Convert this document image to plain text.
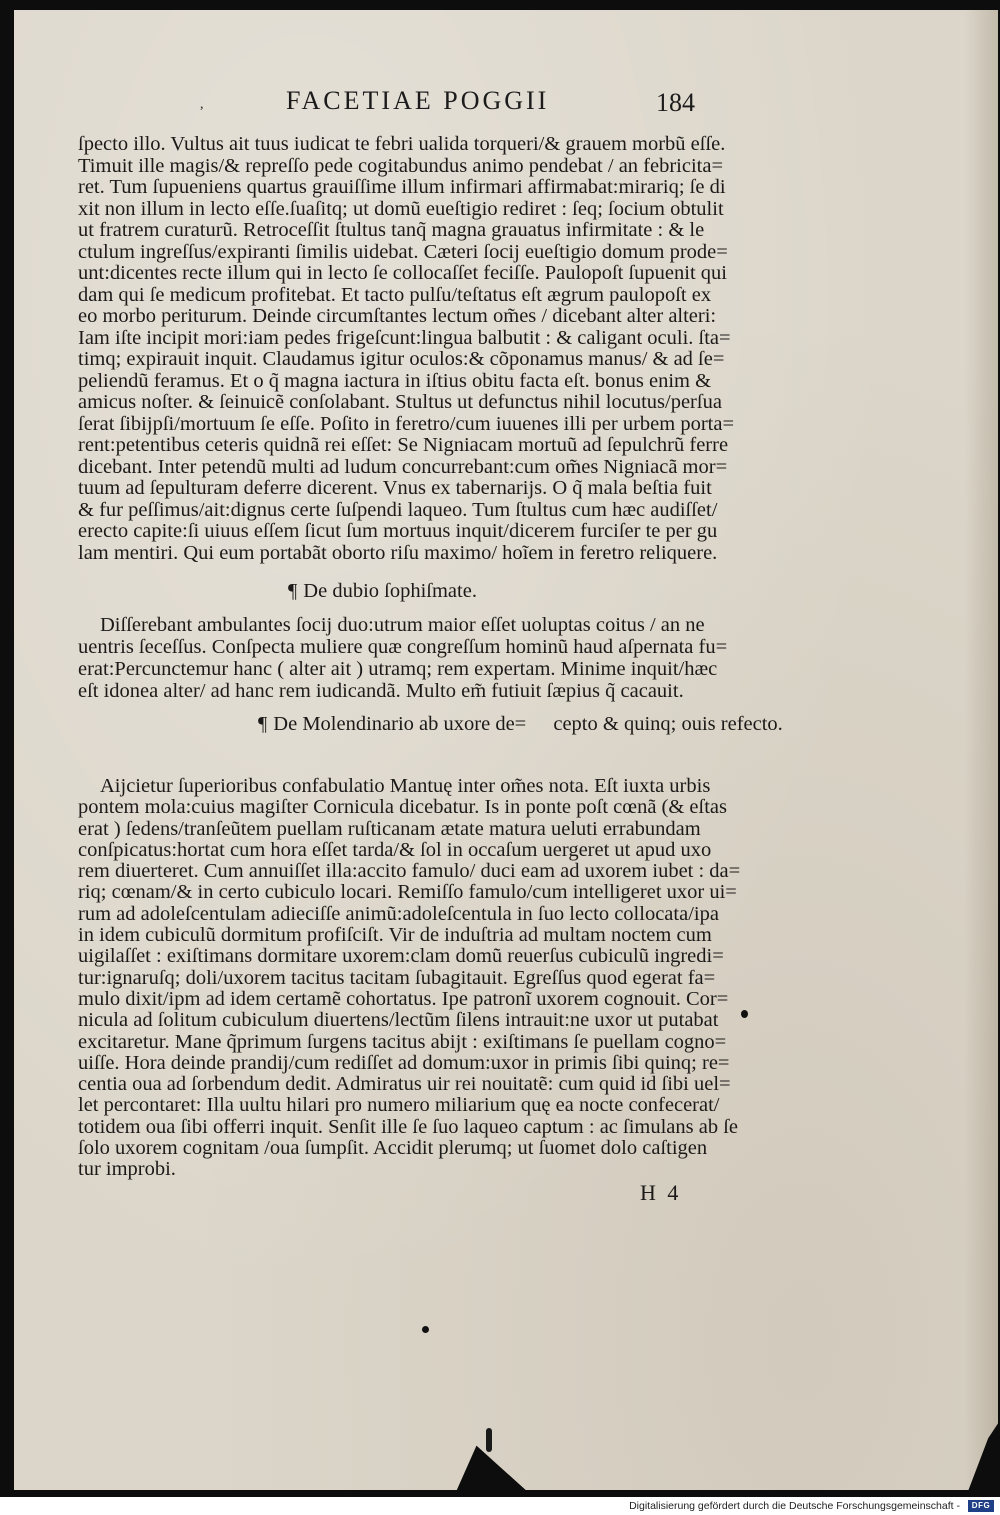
,	FACETIAE POGGII	184
ſpecto illo. Vultus ait tuus iudicat te febri ualida torqueri/& grauem morbũ eſſe.
Timuit ille magis/& repreſſo pede cogitabundus animo pendebat / an febricita=
ret. Tum ſupueniens quartus grauiſſime illum infirmari affirmabat:mirariq; ſe di
xit non illum in lecto eſſe.ſuaſitq; ut domũ eueſtigio rediret : ſeq; ſocium obtulit
ut fratrem curaturũ. Retroceſſit ſtultus tanq̃ magna grauatus infirmitate : & le
ctulum ingreſſus/expiranti ſimilis uidebat. Cæteri ſocij eueſtigio domum prode=
unt:dicentes recte illum qui in lecto ſe collocaſſet feciſſe. Paulopoſt ſupuenit qui
dam qui ſe medicum profitebat. Et tacto pulſu/teſtatus eſt ægrum paulopoſt ex
eo morbo periturum. Deinde circumſtantes lectum om̃es / dicebant alter alteri:
Iam iſte incipit mori:iam pedes frigeſcunt:lingua balbutit : & caligant oculi. ſta=
timq; expirauit inquit. Claudamus igitur oculos:& cõponamus manus/ & ad ſe=
peliendũ feramus. Et o q̃ magna iactura in iſtius obitu facta eſt. bonus enim &
amicus noſter. & ſeinuicẽ conſolabant. Stultus ut defunctus nihil locutus/perſua
ſerat ſibijpſi/mortuum ſe eſſe. Poſito in feretro/cum iuuenes illi per urbem porta=
rent:petentibus ceteris quidnã rei eſſet: Se Nigniacam mortuũ ad ſepulchrũ ferre
dicebant. Inter petendũ multi ad ludum concurrebant:cum om̃es Nigniacã mor=
tuum ad ſepulturam deferre dicerent. Vnus ex tabernarijs. O q̃ mala beſtia fuit
& fur peſſimus/ait:dignus certe ſuſpendi laqueo. Tum ſtultus cum hæc audiſſet/
erecto capite:ſi uiuus eſſem ſicut ſum mortuus inquit/dicerem furciſer te per gu
lam mentiri. Qui eum portabãt oborto riſu maximo/ hoĩem in feretro reliquere.
¶ De dubio ſophiſmate.
Diſſerebant ambulantes ſocij duo:utrum maior eſſet uoluptas coitus / an ne
uentris ſeceſſus. Conſpecta muliere quæ congreſſum hominũ haud aſpernata fu=
erat:Percunctemur hanc ( alter ait ) utramq; rem expertam. Minime inquit/hæc
eſt idonea alter/ ad hanc rem iudicandã. Multo em̃ futiuit ſæpius q̃ cacauit.
¶ De Molendinario ab uxore de= cepto & quinq; ouis refecto.
Aijcietur ſuperioribus confabulatio Mantuę inter om̃es nota. Eſt iuxta urbis
pontem mola:cuius magiſter Cornicula dicebatur. Is in ponte poſt cœnã (& eſtas
erat ) ſedens/tranſeũtem puellam ruſticanam ætate matura ueluti errabundam
conſpicatus:hortat cum hora eſſet tarda/& ſol in occaſum uergeret ut apud uxo
rem diuerteret. Cum annuiſſet illa:accito famulo/ duci eam ad uxorem iubet : da=
riq; cœnam/& in certo cubiculo locari. Remiſſo famulo/cum intelligeret uxor ui=
rum ad adoleſcentulam adieciſſe animũ:adoleſcentula in ſuo lecto collocata/ipa
in idem cubiculũ dormitum profiſciſt. Vir de induſtria ad multam noctem cum
uigilaſſet : exiſtimans dormitare uxorem:clam domũ reuerſus cubiculũ ingredi=
tur:ignaruſq; doli/uxorem tacitus tacitam ſubagitauit. Egreſſus quod egerat fa=
mulo dixit/ipm ad idem certamẽ cohortatus. Ipe patronĩ uxorem cognouit. Cor=
nicula ad ſolitum cubiculum diuertens/lectũm ſilens intrauit:ne uxor ut putabat
excitaretur. Mane q̃primum ſurgens tacitus abijt : exiſtimans ſe puellam cogno=
uiſſe. Hora deinde prandij/cum rediſſet ad domum:uxor in primis ſibi quinq; re=
centia oua ad ſorbendum dedit. Admiratus uir rei nouitatẽ: cum quid id ſibi uel=
let percontaret: Illa uultu hilari pro numero miliarium quę ea nocte confecerat/
totidem oua ſibi offerri inquit. Senſit ille ſe ſuo laqueo captum : ac ſimulans ab ſe
ſolo uxorem cognitam /oua ſumpſit. Accidit plerumq; ut ſuomet dolo caſtigen
tur improbi.
H 4
Digitalisierung gefördert durch die Deutsche Forschungsgemeinschaft -	DFG
